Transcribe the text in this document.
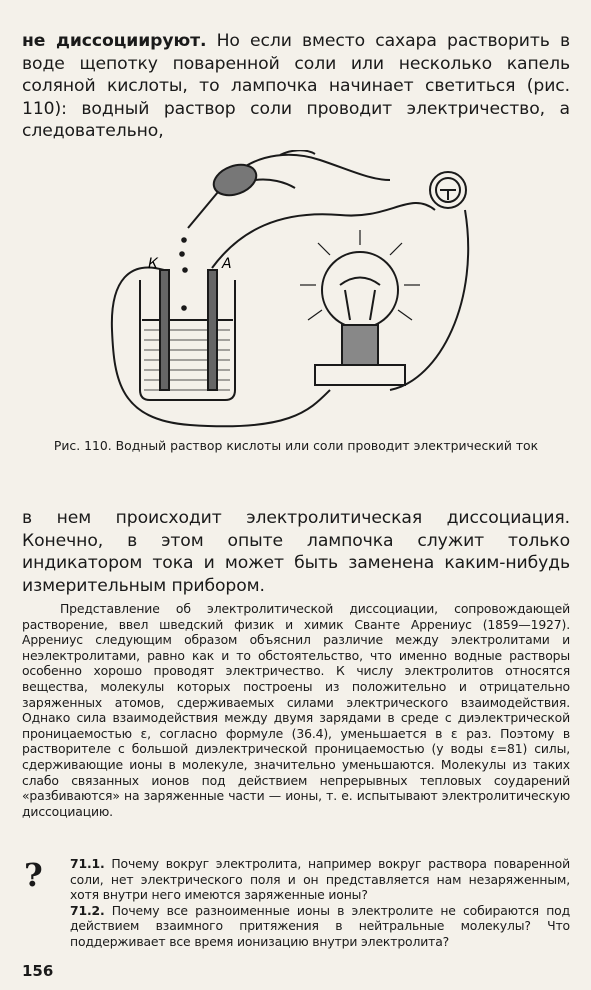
не диссоциируют. Но если вместо сахара растворить в воде щепотку поваренной соли или несколько капель соляной кислоты, то лампочка начинает светиться (рис. 110): водный раствор соли проводит электричество, а следовательно,
К	А
Рис. 110. Водный раствор кислоты или соли проводит электрический ток
в нем происходит электролитическая диссоциация. Конечно, в этом опыте лампочка служит только индикатором тока и может быть заменена каким-нибудь измерительным прибором.
Представление об электролитической диссоциации, сопровождающей растворение, ввел шведский физик и химик Сванте Аррениус (1859—1927). Аррениус следующим образом объяснил различие между электролитами и неэлектролитами, равно как и то обстоятельство, что именно водные растворы особенно хорошо проводят электричество. К числу электролитов относятся вещества, молекулы которых построены из положительно и отрицательно заряженных атомов, сдерживаемых силами электрического взаимодействия. Однако сила взаимодействия между двумя зарядами в среде с диэлектрической проницаемостью ε, согласно формуле (36.4), уменьшается в ε раз. Поэтому в растворителе с большой диэлектрической проницаемостью (у воды ε=81) силы, сдерживающие ионы в молекуле, значительно уменьшаются. Молекулы из таких слабо связанных ионов под действием непрерывных тепловых соударений «разбиваются» на заряженные части — ионы, т. е. испытывают электролитическую диссоциацию.
? 71.1. Почему вокруг электролита, например вокруг раствора поваренной соли, нет электрического поля и он представляется нам незаряженным, хотя внутри него имеются заряженные ионы?

71.2. Почему все разноименные ионы в электролите не собираются под действием взаимного притяжения в нейтральные молекулы? Что поддерживает все время ионизацию внутри электролита?

156
